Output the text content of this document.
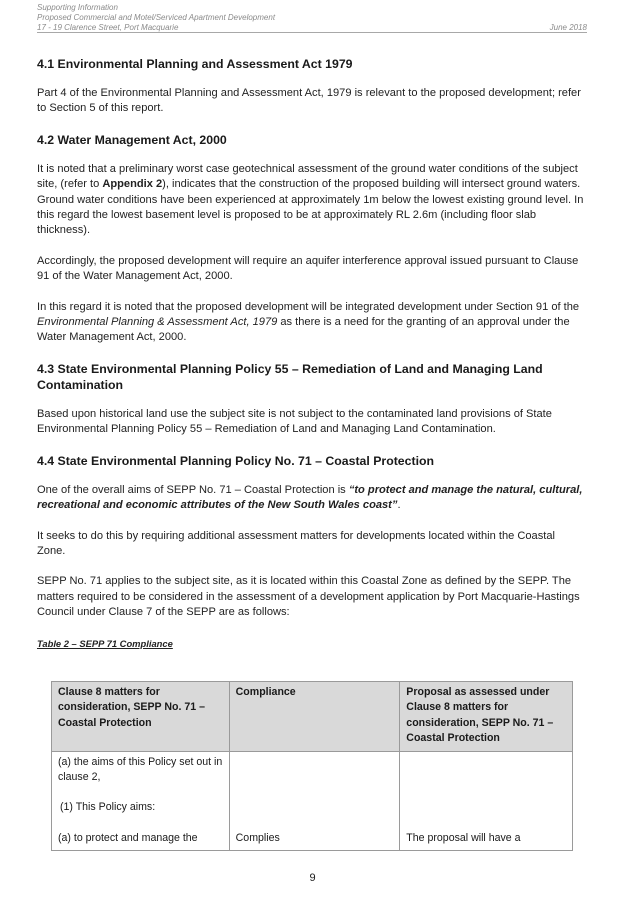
Supporting Information
Proposed Commercial and Motel/Serviced Apartment Development
17 - 19 Clarence Street, Port Macquarie	June 2018
4.1 Environmental Planning and Assessment Act 1979

Part 4 of the Environmental Planning and Assessment Act, 1979 is relevant to the proposed development; refer to Section 5 of this report.

4.2 Water Management Act, 2000

It is noted that a preliminary worst case geotechnical assessment of the ground water conditions of the subject site, (refer to Appendix 2), indicates that the construction of the proposed building will intersect ground waters. Ground water conditions have been experienced at approximately 1m below the lowest existing ground level. In this regard the lowest basement level is proposed to be at approximately RL 2.6m (including floor slab thickness).

Accordingly, the proposed development will require an aquifer interference approval issued pursuant to Clause 91 of the Water Management Act, 2000.

In this regard it is noted that the proposed development will be integrated development under Section 91 of the Environmental Planning & Assessment Act, 1979 as there is a need for the granting of an approval under the Water Management Act, 2000.

4.3 State Environmental Planning Policy 55 – Remediation of Land and Managing Land Contamination

Based upon historical land use the subject site is not subject to the contaminated land provisions of State Environmental Planning Policy 55 – Remediation of Land and Managing Land Contamination.

4.4 State Environmental Planning Policy No. 71 – Coastal Protection

One of the overall aims of SEPP No. 71 – Coastal Protection is “to protect and manage the natural, cultural, recreational and economic attributes of the New South Wales coast”.

It seeks to do this by requiring additional assessment matters for developments located within the Coastal Zone.

SEPP No. 71 applies to the subject site, as it is located within this Coastal Zone as defined by the SEPP. The matters required to be considered in the assessment of a development application by Port Macquarie-Hastings Council under Clause 7 of the SEPP are as follows:

Table 2 – SEPP 71 Compliance

Clause 8 matters for consideration, SEPP No. 71 – Coastal Protection	Compliance	Proposal as assessed under Clause 8 matters for consideration, SEPP No. 71 – Coastal Protection

(a) the aims of this Policy set out in clause 2,
(1) This Policy aims:
(a) to protect and manage the	Complies	The proposal will have a
9
